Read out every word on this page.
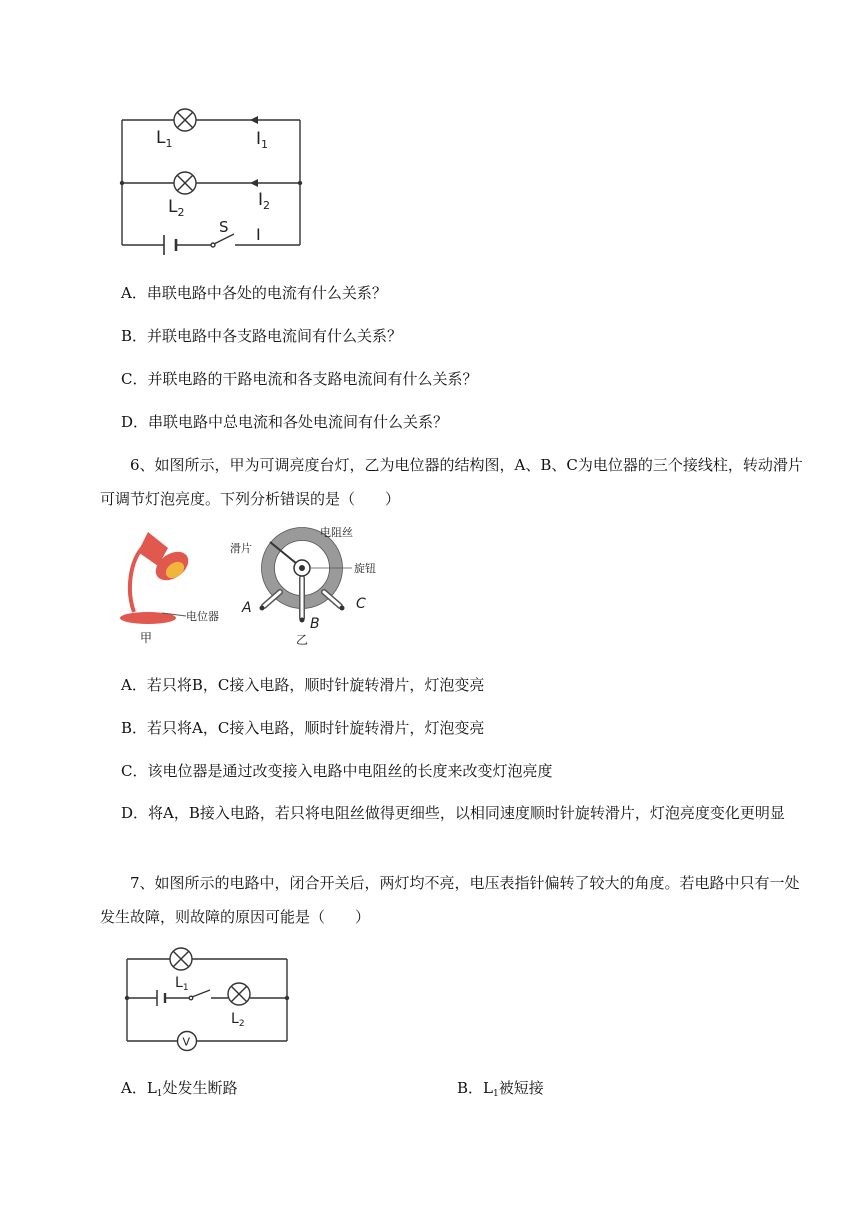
$L_1$
$L_2$
$I_1$
$I_2$
I
S
A．串联电路中各处的电流有什么关系？
B．并联电路中各支路电流间有什么关系？
C．并联电路的干路电流和各支路电流间有什么关系？
D．串联电路中总电流和各处电流间有什么关系？
6、如图所示，甲为可调亮度台灯，乙为电位器的结构图，A、B、C为电位器的三个接线柱，转动滑片可调节灯泡亮度。下列分析错误的是（　　）
电位器
甲
滑片
电阻丝
旋钮
A
B
C
乙
A．若只将B，C接入电路，顺时针旋转滑片，灯泡变亮
B．若只将A，C接入电路，顺时针旋转滑片，灯泡变亮
C．该电位器是通过改变接入电路中电阻丝的长度来改变灯泡亮度
D．将A，B接入电路，若只将电阻丝做得更细些，以相同速度顺时针旋转滑片，灯泡亮度变化更明显
7、如图所示的电路中，闭合开关后，两灯均不亮，电压表指针偏转了较大的角度。若电路中只有一处发生故障，则故障的原因可能是（　　）
V
$L_1$
$L_2$
A．$L_1$处发生断路	B．$L_1$被短接
